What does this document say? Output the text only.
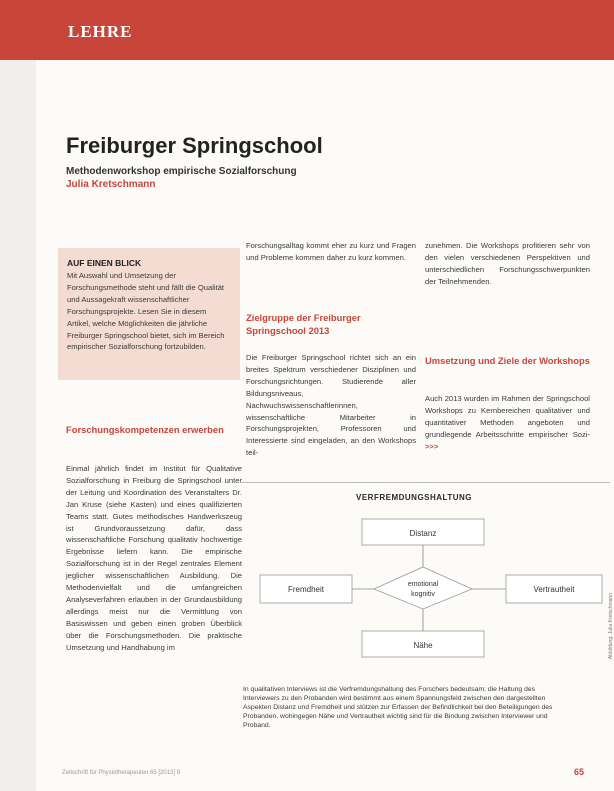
LEHRE
Freiburger Springschool
Methodenworkshop empirische Sozialforschung
Julia Kretschmann
AUF EINEN BLICK
Mit Auswahl und Umsetzung der Forschungsmethode steht und fällt die Qualität und Aussagekraft wissenschaftlicher Forschungsprojekte. Lesen Sie in diesem Artikel, welche Möglichkeiten die jährliche Freiburger Springschool bietet, sich im Bereich empirischer Sozialforschung fortzubilden.
Forschungskompetenzen erwerben
Einmal jährlich findet im Institut für Qualitative Sozialforschung in Freiburg die Springschool unter der Leitung und Koordination des Veranstalters Dr. Jan Kruse (siehe Kasten) und eines qualifizierten Teams statt. Gutes methodisches Handwerkszeug ist Grundvoraussetzung dafür, dass wissenschaftliche Forschung qualitativ hochwertige Ergebnisse liefern kann. Die empirische Sozialforschung ist in der Regel zentrales Element jeglicher wissenschaftlichen Ausbildung. Die Methodenvielfalt und die umfangreichen Analyseverfahren erlauben in der Grundausbildung allerdings meist nur die Vermittlung von Basiswissen und geben einen groben Überblick über die Forschungsmethoden. Die praktische Umsetzung und Handhabung im
Forschungsalltag kommt eher zu kurz und Fragen und Probleme kommen daher zu kurz kommen.
Zielgruppe der Freiburger Springschool 2013
Die Freiburger Springschool richtet sich an ein breites Spektrum verschiedener Disziplinen und Forschungsrichtungen. Studierende aller Bildungsniveaus, Nachwuchswissenschaftlerinnen, wissenschaftliche Mitarbeiter in Forschungsprojekten, Professoren und Interessierte sind eingeladen, an den Workshops teil-
zunehmen. Die Workshops profitieren sehr von den vielen verschiedenen Perspektiven und unterschiedlichen Forschungsschwerpunkten der Teilnehmenden.
Umsetzung und Ziele der Workshops
Auch 2013 wurden im Rahmen der Springschool Workshops zu Kernbereichen qualitativer und quantitativer Methoden angeboten und grundlegende Arbeitsschritte empirischer Sozi- >>>
VERFREMDUNGSHALTUNG
Distanz
Fremdheit	Vertrautheit
Nähe
emotional
kognitiv	Abbildung: Julia Kretschmann
In qualitativen Interviews ist die Verfremdungshaltung des Forschers bedeutsam; die Haltung des Interviewers zu den Probanden wird bestimmt aus einem Spannungsfeld zwischen den dargestellten Aspekten Distanz und Fremdheit und stützen zur Erfassen der Befindlichkeit bei den Beteiligungen des Probanden, wohingegen Nähe und Vertrautheit wichtig sind für die Bindung zwischen Interviewer und Proband.
Zeitschrift für Physiotherapeuten 65 [2013] 9	65
